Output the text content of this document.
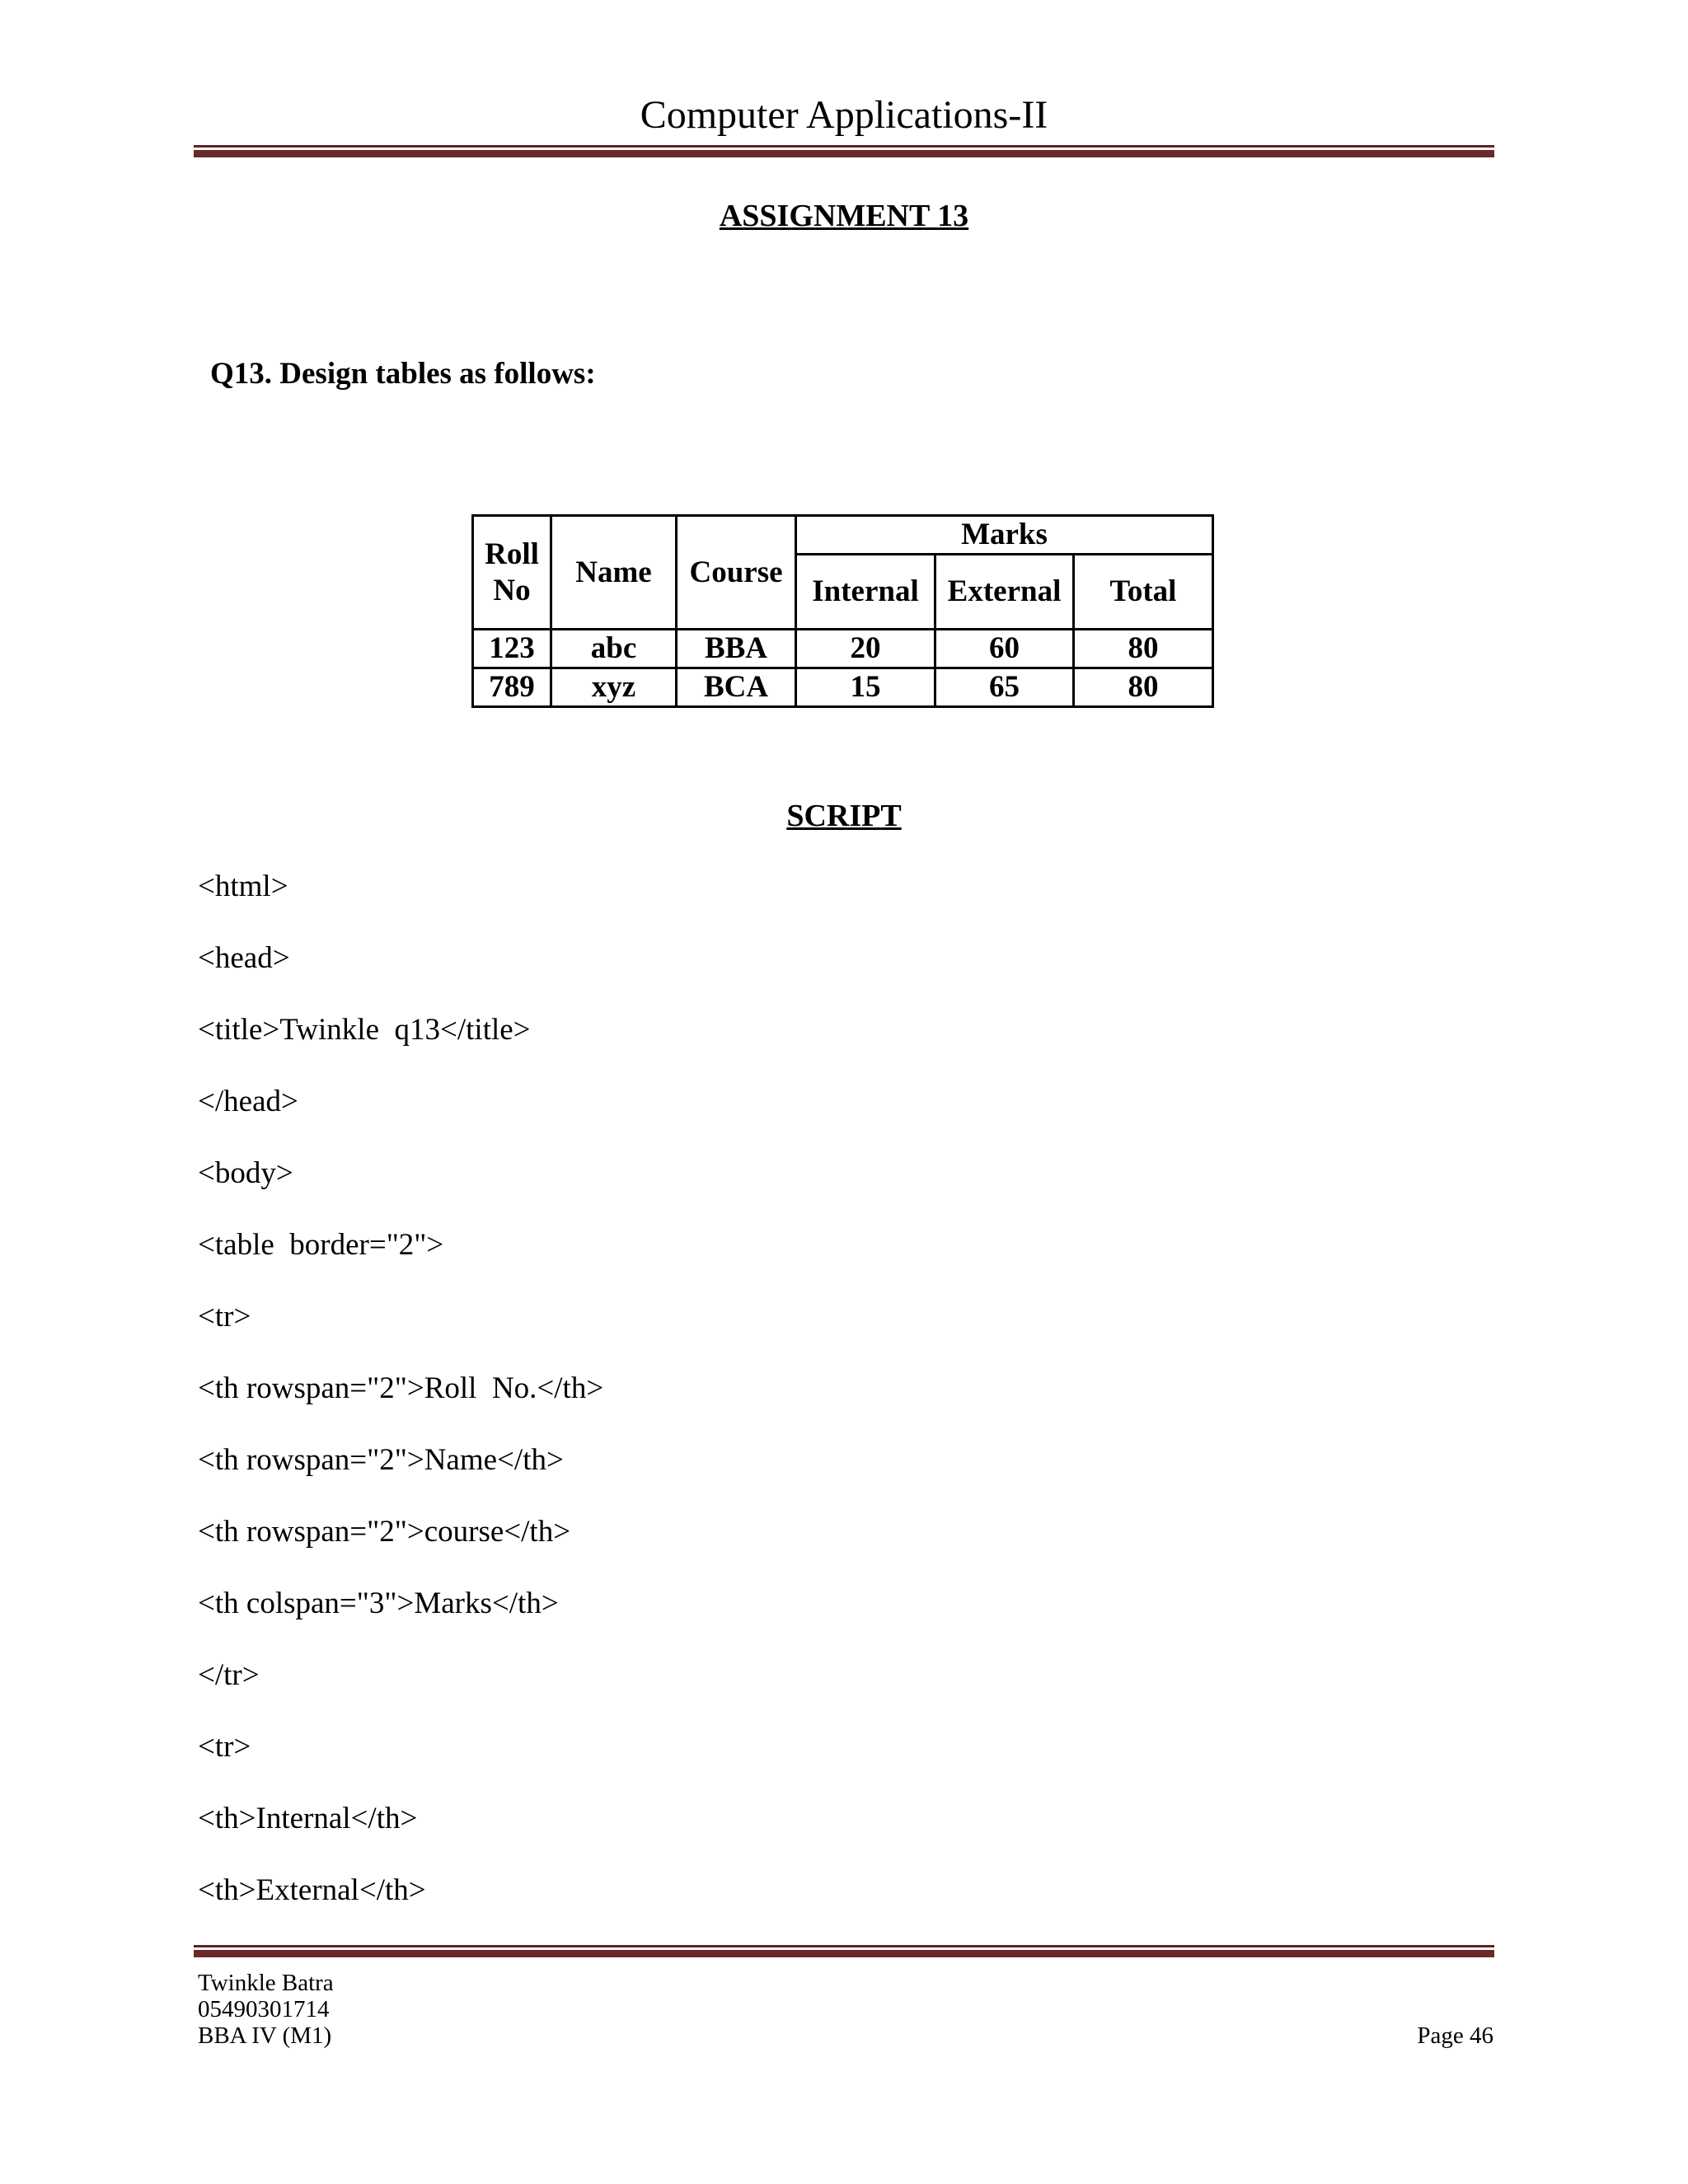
Computer Applications-II
ASSIGNMENT 13
Q13. Design tables as follows:
Roll No	Name	Course	Marks		
			Internal	External	Total
123	abc	BBA	20	60	80
789	xyz	BCA	15	65	80
SCRIPT
<html>
<head>
<title>Twinkle  q13</title>
</head>
<body>
<table  border="2">
<tr>
<th rowspan="2">Roll  No.</th>
<th rowspan="2">Name</th>
<th rowspan="2">course</th>
<th colspan="3">Marks</th>
</tr>
<tr>
<th>Internal</th>
<th>External</th>
Twinkle Batra
05490301714
BBA IV (M1)	Page 46
